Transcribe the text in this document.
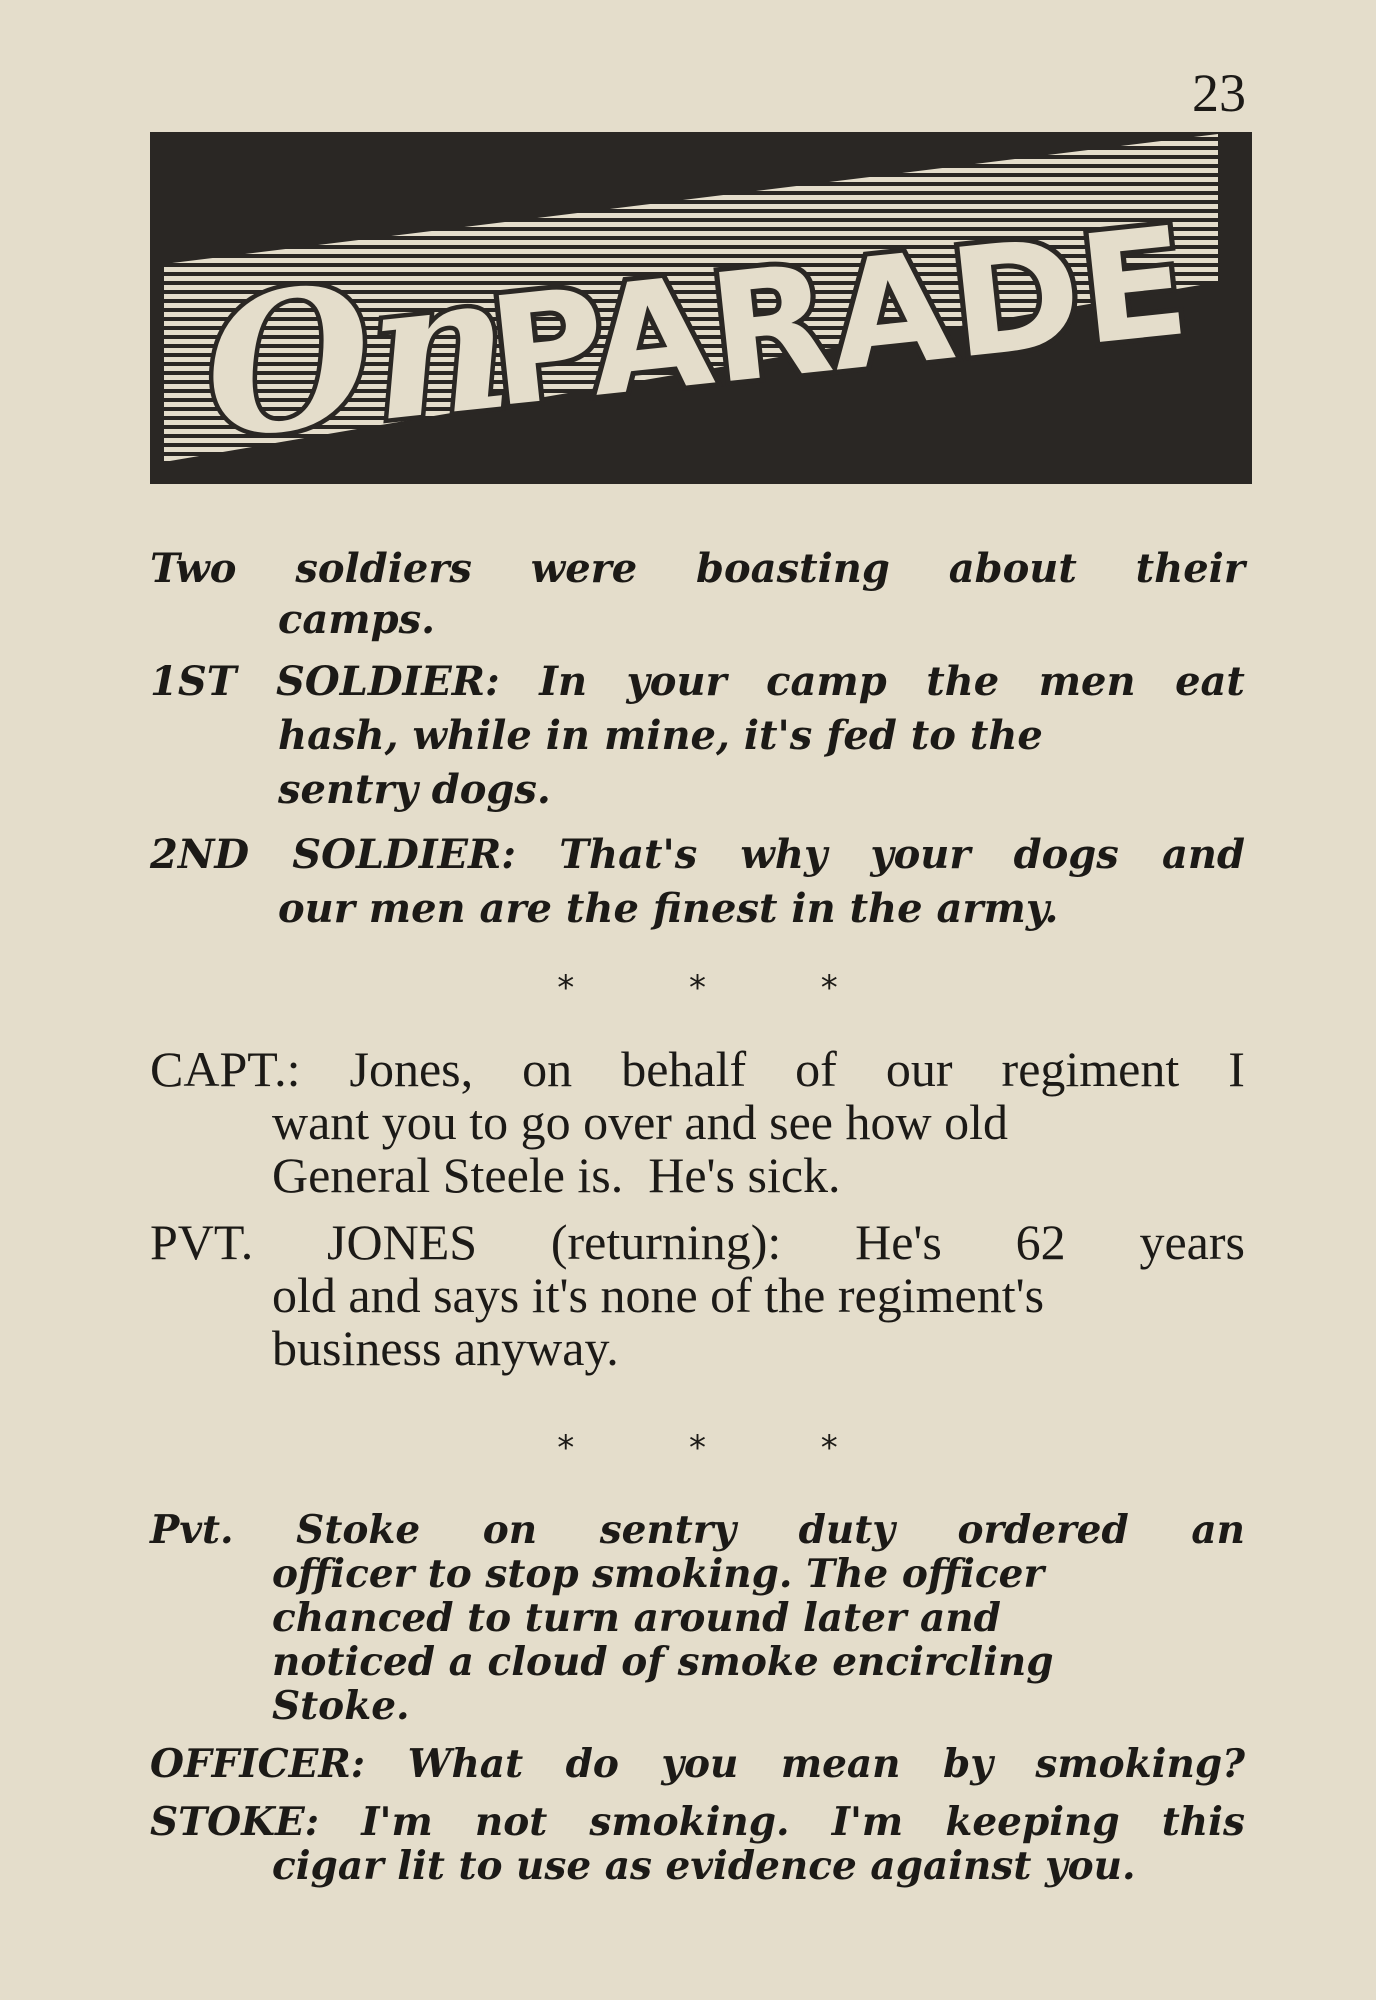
23
On
PARADE
Two soldiers were boasting about their
camps.
1ST SOLDIER: In your camp the men eat
hash, while in mine, it's fed to the
sentry dogs.
2ND SOLDIER: That's why your dogs and
our men are the finest in the army.
* * *
CAPT.: Jones, on behalf of our regiment I
want you to go over and see how old
General Steele is.  He's sick.
PVT. JONES (returning): He's 62 years
old and says it's none of the regiment's
business anyway.
* * *
Pvt. Stoke on sentry duty ordered an
officer to stop smoking. The officer
chanced to turn around later and
noticed a cloud of smoke encircling
Stoke.
OFFICER: What do you mean by smoking?
STOKE: I'm not smoking. I'm keeping this
cigar lit to use as evidence against you.
